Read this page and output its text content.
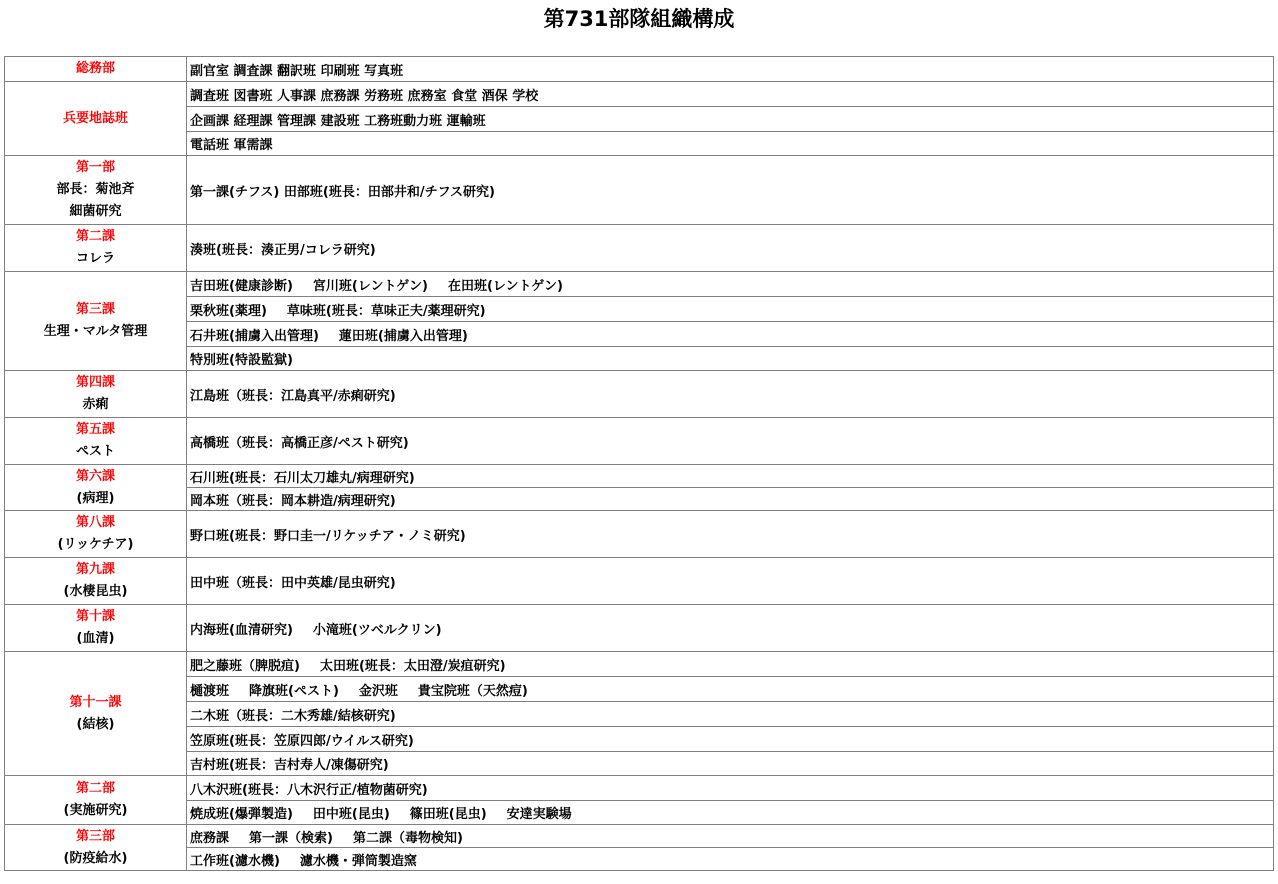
第731部隊組織構成
総務部	副官室 調査課 翻訳班 印刷班 写真班

兵要地誌班	調査班 図書班 人事課 庶務課 労務班 庶務室 食堂 酒保 学校
	企画課 経理課 管理課 建設班 工務班動力班 運輸班
	電話班 軍需課

第一部
部長：菊池斉
細菌研究	第一課(チフス) 田部班(班長：田部井和/チフス研究)

第二課
コレラ	湊班(班長：湊正男/コレラ研究)

第三課
生理・マルタ管理	吉田班(健康診断) 宮川班(レントゲン) 在田班(レントゲン)
	栗秋班(薬理) 草味班(班長：草味正夫/薬理研究)
	石井班(捕虜入出管理) 蓮田班(捕虜入出管理)
	特別班(特設監獄)

第四課
赤痢	江島班（班長：江島真平/赤痢研究)

第五課
ペスト	高橋班（班長：高橋正彦/ペスト研究)

第六課
(病理)	石川班(班長：石川太刀雄丸/病理研究)
	岡本班（班長：岡本耕造/病理研究)

第八課
(リッケチア)	野口班(班長：野口圭一/リケッチア・ノミ研究)

第九課
(水棲昆虫)	田中班（班長：田中英雄/昆虫研究)

第十課
(血清)	内海班(血清研究) 小滝班(ツベルクリン)

第十一課
(結核)	肥之藤班（脾脱疽) 太田班(班長：太田澄/炭疽研究)
	樋渡班 降旗班(ペスト) 金沢班 貴宝院班（天然痘)
	二木班（班長：二木秀雄/結核研究)
	笠原班(班長：笠原四郎/ウイルス研究)
	吉村班(班長：吉村寿人/凍傷研究)

第二部
(実施研究)	八木沢班(班長：八木沢行正/植物菌研究)
	焼成班(爆弾製造) 田中班(昆虫) 篠田班(昆虫) 安達実験場

第三部
(防疫給水)	庶務課 第一課（検索) 第二課（毒物検知)
	工作班(濾水機) 濾水機・弾筒製造窯
